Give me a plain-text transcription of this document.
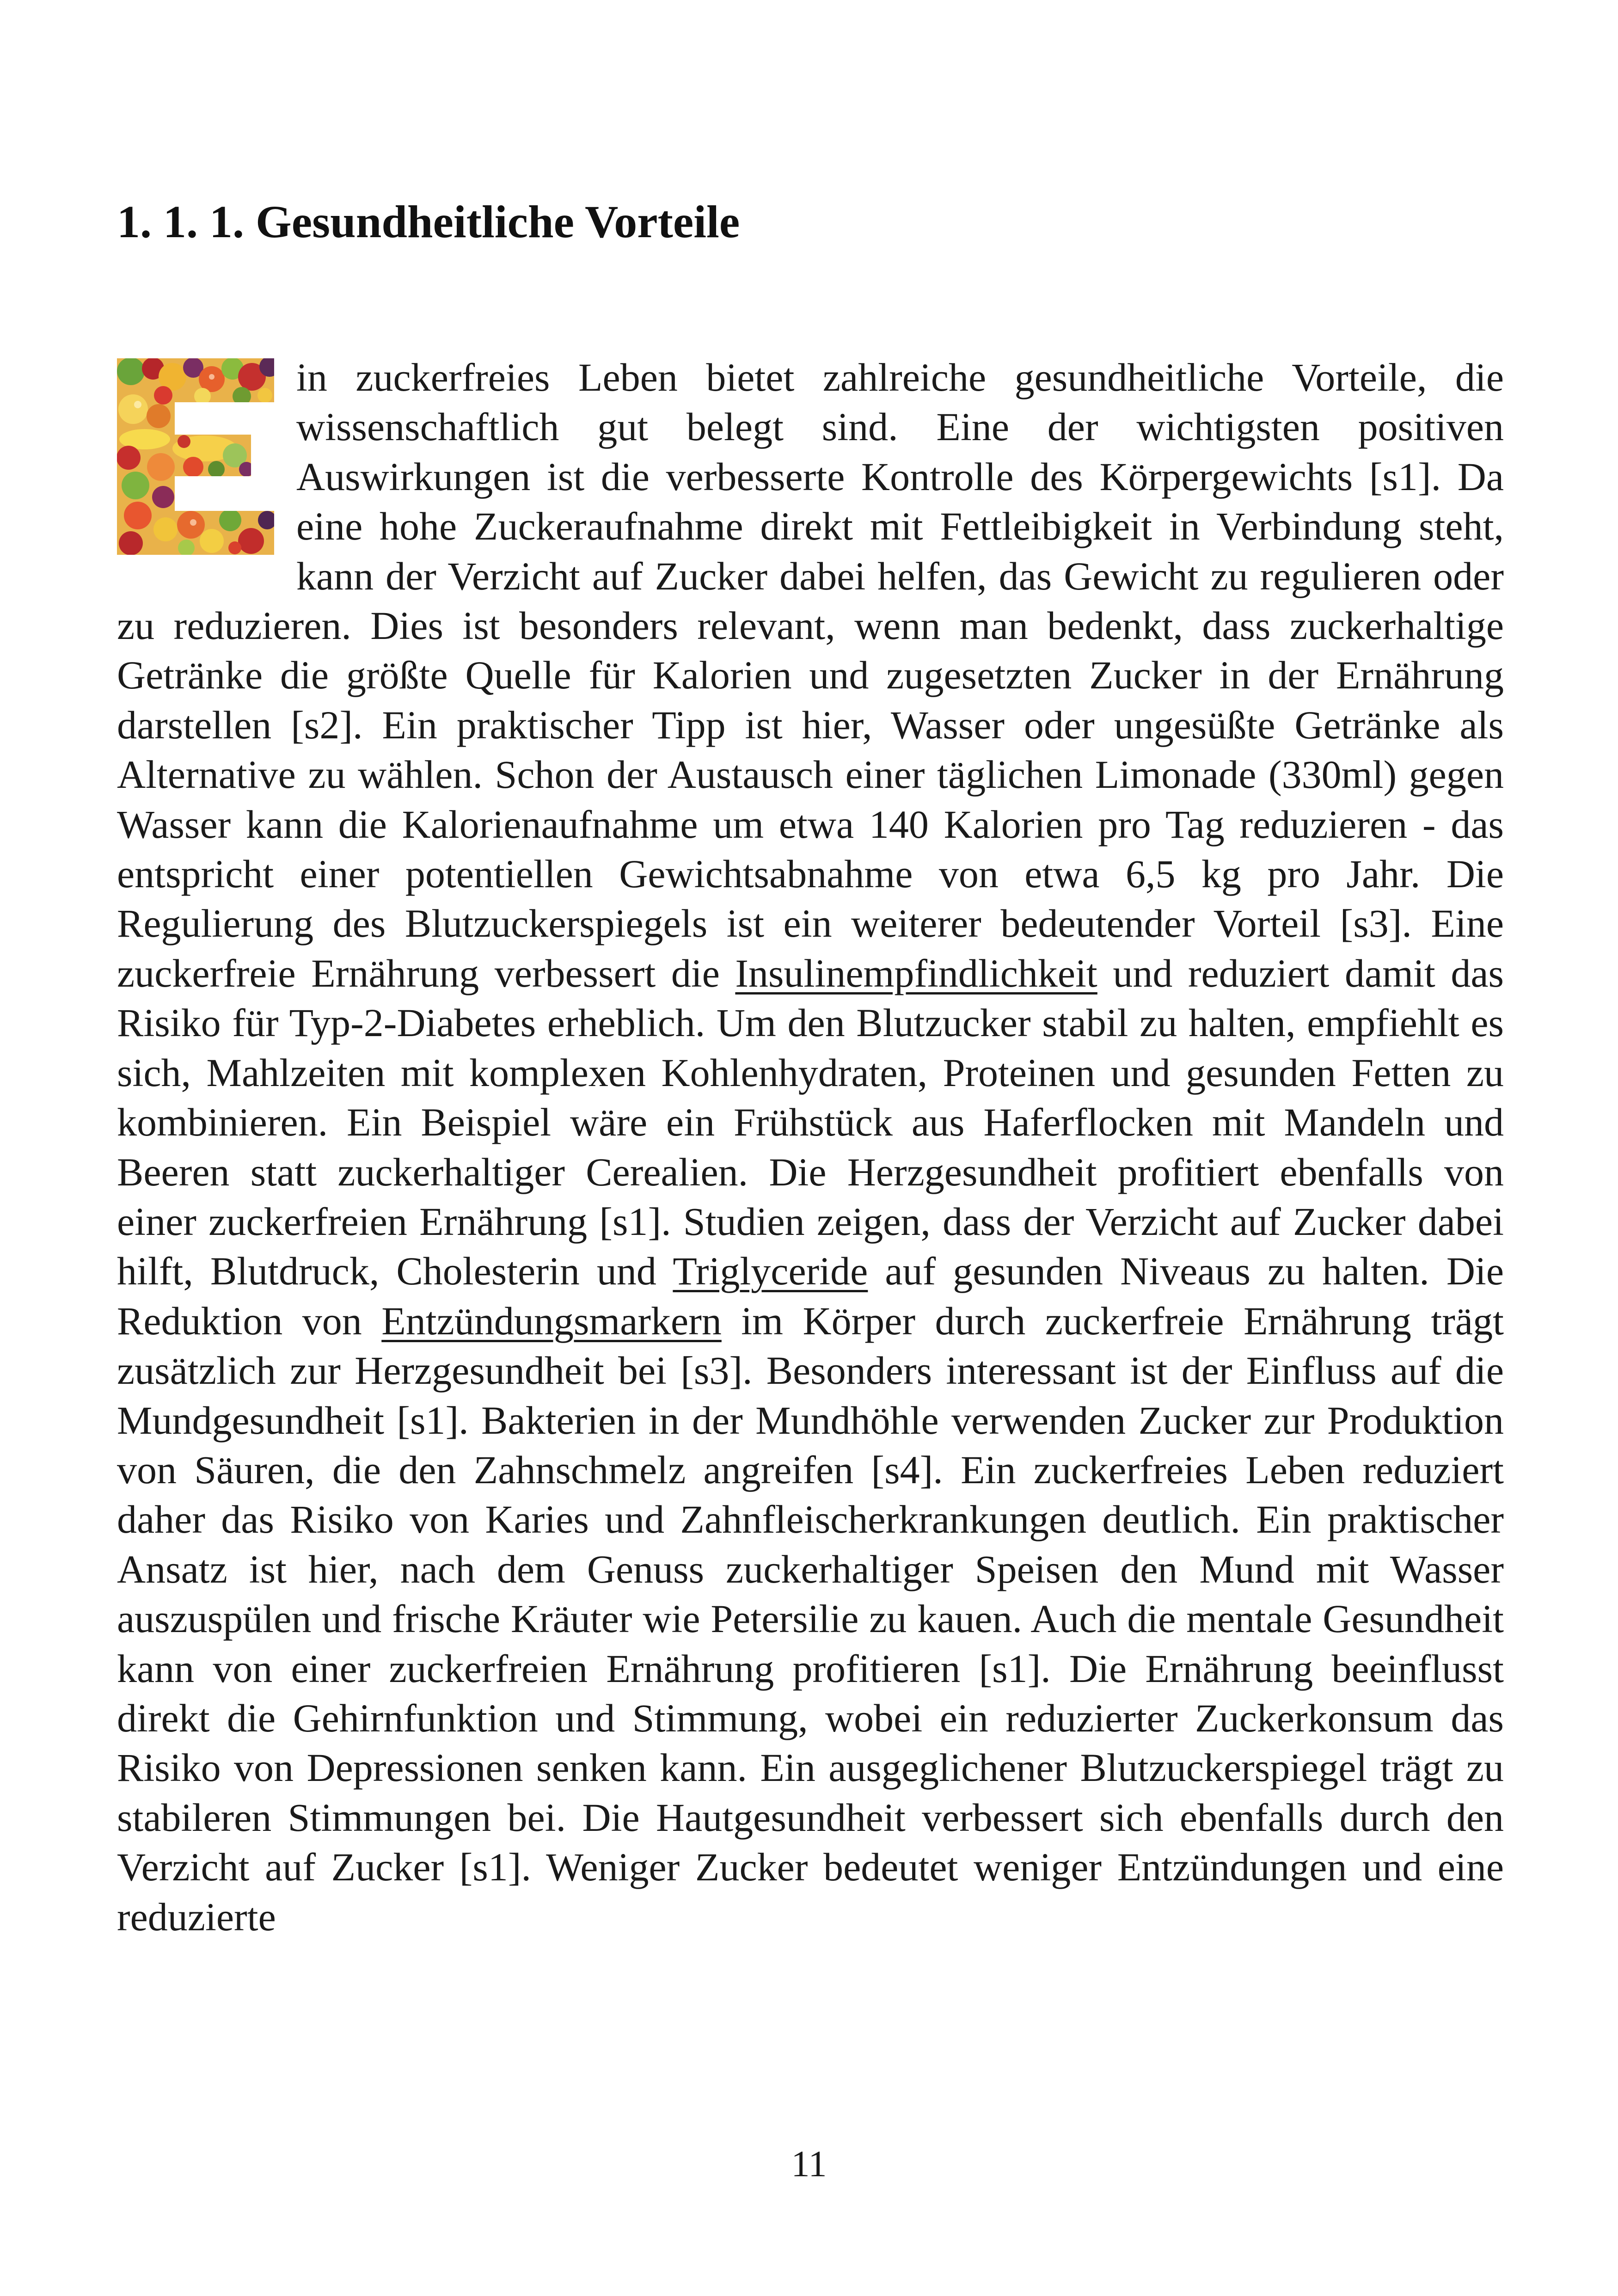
1. 1. 1. Gesundheitliche Vorteile

in zuckerfreies Leben bietet zahlreiche gesundheitliche Vorteile, die wissenschaftlich gut belegt sind. Eine der wichtigsten positiven Auswirkungen ist die verbesserte Kontrolle des Körpergewichts [s1]. Da eine hohe Zuckeraufnahme direkt mit Fettleibigkeit in Verbindung steht, kann der Verzicht auf Zucker dabei helfen, das Gewicht zu regulieren oder zu reduzieren. Dies ist besonders relevant, wenn man bedenkt, dass zuckerhaltige Getränke die größte Quelle für Kalorien und zugesetzten Zucker in der Ernährung darstellen [s2]. Ein praktischer Tipp ist hier, Wasser oder ungesüßte Getränke als Alternative zu wählen. Schon der Austausch einer täglichen Limonade (330ml) gegen Wasser kann die Kalorienaufnahme um etwa 140 Kalorien pro Tag reduzieren - das entspricht einer potentiellen Gewichtsabnahme von etwa 6,5 kg pro Jahr. Die Regulierung des Blutzuckerspiegels ist ein weiterer bedeutender Vorteil [s3]. Eine zuckerfreie Ernährung verbessert die Insulinempfindlichkeit und reduziert damit das Risiko für Typ-2-Diabetes erheblich. Um den Blutzucker stabil zu halten, empfiehlt es sich, Mahlzeiten mit komplexen Kohlenhydraten, Proteinen und gesunden Fetten zu kombinieren. Ein Beispiel wäre ein Frühstück aus Haferflocken mit Mandeln und Beeren statt zuckerhaltiger Cerealien. Die Herzgesundheit profitiert ebenfalls von einer zuckerfreien Ernährung [s1]. Studien zeigen, dass der Verzicht auf Zucker dabei hilft, Blutdruck, Cholesterin und Triglyceride auf gesunden Niveaus zu halten. Die Reduktion von Entzündungsmarkern im Körper durch zuckerfreie Ernährung trägt zusätzlich zur Herzgesundheit bei [s3]. Besonders interessant ist der Einfluss auf die Mundgesundheit [s1]. Bakterien in der Mundhöhle verwenden Zucker zur Produktion von Säuren, die den Zahnschmelz angreifen [s4]. Ein zuckerfreies Leben reduziert daher das Risiko von Karies und Zahnfleischerkrankungen deutlich. Ein praktischer Ansatz ist hier, nach dem Genuss zuckerhaltiger Speisen den Mund mit Wasser auszuspülen und frische Kräuter wie Petersilie zu kauen. Auch die mentale Gesundheit kann von einer zuckerfreien Ernährung profitieren [s1]. Die Ernährung beeinflusst direkt die Gehirnfunktion und Stimmung, wobei ein reduzierter Zuckerkonsum das Risiko von Depressionen senken kann. Ein ausgeglichener Blutzuckerspiegel trägt zu stabileren Stimmungen bei. Die Hautgesundheit verbessert sich ebenfalls durch den Verzicht auf Zucker [s1]. Weniger Zucker bedeutet weniger Entzündungen und eine reduzierte

11
